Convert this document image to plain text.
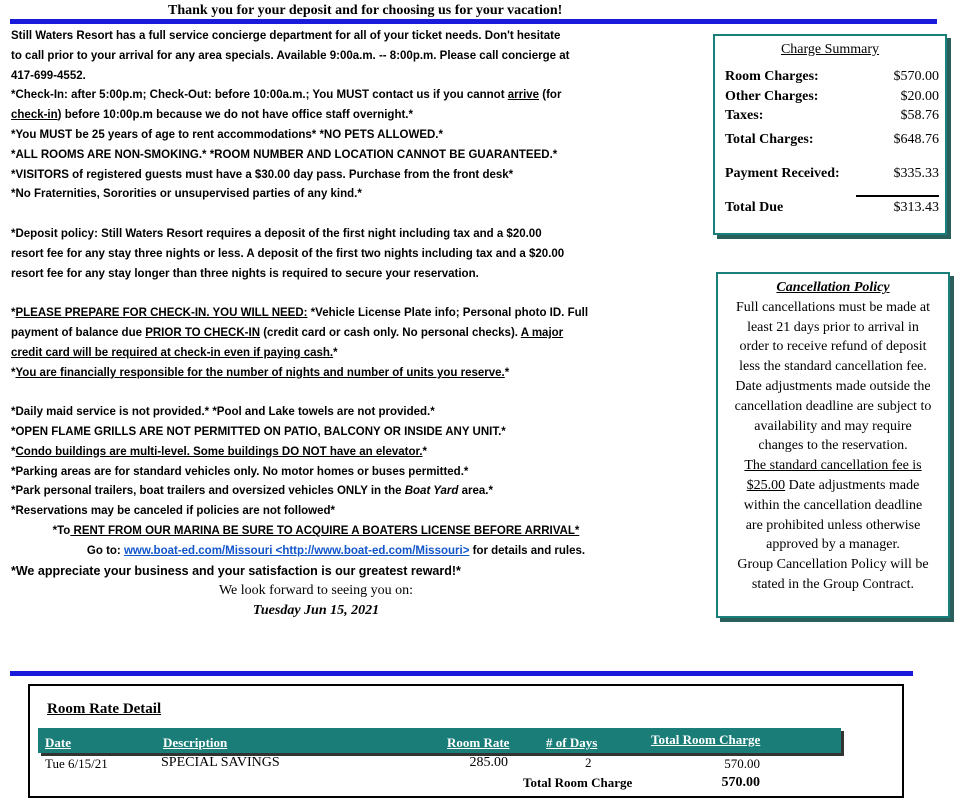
Thank you for your deposit and for choosing us for your vacation!

Still Waters Resort has a full service concierge department for all of your ticket needs. Don't hesitate

to call prior to your arrival for any area specials. Available 9:00a.m. -- 8:00p.m. Please call concierge at

417-699-4552.

*Check-In: after 5:00p.m; Check-Out: before 10:00a.m.; You MUST contact us if you cannot arrive (for

check-in) before 10:00p.m because we do not have office staff overnight.*

*You MUST be 25 years of age to rent accommodations* *NO PETS ALLOWED.*

*ALL ROOMS ARE NON-SMOKING.* *ROOM NUMBER AND LOCATION CANNOT BE GUARANTEED.*

*VISITORS of registered guests must have a $30.00 day pass. Purchase from the front desk*

*No Fraternities, Sororities or unsupervised parties of any kind.*

*Deposit policy: Still Waters Resort requires a deposit of the first night including tax and a $20.00

resort fee for any stay three nights or less. A deposit of the first two nights including tax and a $20.00

resort fee for any stay longer than three nights is required to secure your reservation.

*PLEASE PREPARE FOR CHECK-IN. YOU WILL NEED: *Vehicle License Plate info; Personal photo ID. Full

payment of balance due PRIOR TO CHECK-IN (credit card or cash only. No personal checks). A major

credit card will be required at check-in even if paying cash.*

*You are financially responsible for the number of nights and number of units you reserve.*

*Daily maid service is not provided.* *Pool and Lake towels are not provided.*

*OPEN FLAME GRILLS ARE NOT PERMITTED ON PATIO, BALCONY OR INSIDE ANY UNIT.*

*Condo buildings are multi-level. Some buildings DO NOT have an elevator.*

*Parking areas are for standard vehicles only. No motor homes or buses permitted.*

*Park personal trailers, boat trailers and oversized vehicles ONLY in the Boat Yard area.*

*Reservations may be canceled if policies are not followed*

*To RENT FROM OUR MARINA BE SURE TO ACQUIRE A BOATERS LICENSE BEFORE ARRIVAL*

Go to: www.boat-ed.com/Missouri <http://www.boat-ed.com/Missouri> for details and rules.

*We appreciate your business and your satisfaction is our greatest reward!*

We look forward to seeing you on:

Tuesday Jun 15, 2021

Charge Summary
Room Charges:	$570.00
Other Charges:	$20.00
Taxes:	$58.76
Total Charges:	$648.76
Payment Received:	$335.33
Total Due	$313.43
Cancellation Policy
Full cancellations must be made at
least 21 days prior to arrival in
order to receive refund of deposit
less the standard cancellation fee.
Date adjustments made outside the
cancellation deadline are subject to
availability and may require
changes to the reservation.
The standard cancellation fee is
$25.00 Date adjustments made
within the cancellation deadline
are prohibited unless otherwise
approved by a manager.
Group Cancellation Policy will be
stated in the Group Contract.
Room Rate Detail
Date	Description	Room Rate	# of Days	Total Room Charge
Tue 6/15/21	SPECIAL SAVINGS	285.00	2	570.00
Total Room Charge	570.00
